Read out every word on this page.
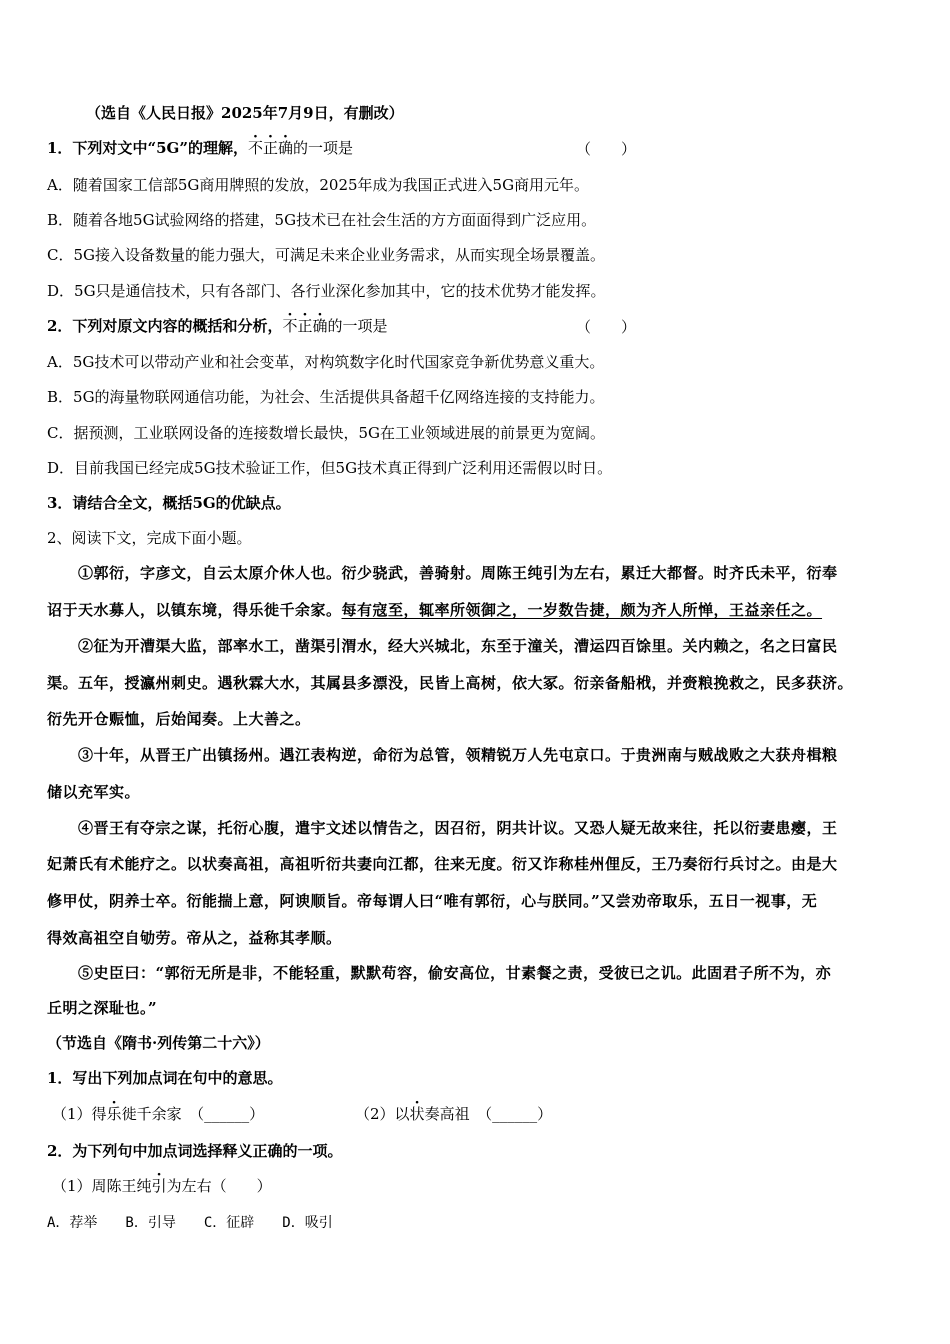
（选自《人民日报》2025年7月9日，有删改）
1．下列对文中“5G”的理解，不正确的一项是	（　　）
A．随着国家工信部5G商用牌照的发放，2025年成为我国正式进入5G商用元年。
B．随着各地5G试验网络的搭建，5G技术已在社会生活的方方面面得到广泛应用。
C．5G接入设备数量的能力强大，可满足未来企业业务需求，从而实现全场景覆盖。
D．5G只是通信技术，只有各部门、各行业深化参加其中，它的技术优势才能发挥。
2．下列对原文内容的概括和分析，不正确的一项是	（　　）
A．5G技术可以带动产业和社会变革，对构筑数字化时代国家竞争新优势意义重大。
B．5G的海量物联网通信功能，为社会、生活提供具备超千亿网络连接的支持能力。
C．据预测，工业联网设备的连接数增长最快，5G在工业领域进展的前景更为宽阔。
D．目前我国已经完成5G技术验证工作，但5G技术真正得到广泛利用还需假以时日。
3．请结合全文，概括5G的优缺点。
2、阅读下文，完成下面小题。
①郭衍，字彦文，自云太原介休人也。衍少骁武，善骑射。周陈王纯引为左右，累迁大都督。时齐氏未平，衍奉
诏于天水募人，以镇东境，得乐徙千余家。每有寇至，辄率所领御之，一岁数告捷，颇为齐人所惮，王益亲任之。
②征为开漕渠大监，部率水工，凿渠引渭水，经大兴城北，东至于潼关，漕运四百馀里。关内赖之，名之曰富民
渠。五年，授瀛州刺史。遇秋霖大水，其属县多漂没，民皆上高树，依大冢。衍亲备船栰，并赍粮挽救之，民多获济。
衍先开仓赈恤，后始闻奏。上大善之。
③十年，从晋王广出镇扬州。遇江表构逆，命衍为总管，领精锐万人先屯京口。于贵洲南与贼战败之大获舟楫粮
储以充军实。
④晋王有夺宗之谋，托衍心腹，遣宇文述以情告之，因召衍，阴共计议。又恐人疑无故来往，托以衍妻患瘿，王
妃萧氏有术能疗之。以状奏高祖，高祖听衍共妻向江都，往来无度。衍又诈称桂州俚反，王乃奏衍行兵讨之。由是大
修甲仗，阴养士卒。衍能揣上意，阿谀顺旨。帝每谓人曰“唯有郭衍，心与朕同。”又尝劝帝取乐，五日一视事，无
得效高祖空自劬劳。帝从之，益称其孝顺。
⑤史臣曰：“郭衍无所是非，不能轻重，默默苟容，偷安高位，甘素餐之责，受彼已之讥。此固君子所不为，亦
丘明之深耻也。”
（节选自《隋书·列传第二十六》）
1．写出下列加点词在句中的意思。
（1）得乐徙千余家　（______）	（2）以状奏高祖　（______）
2．为下列句中加点词选择释义正确的一项。
（1）周陈王纯引为左右（　　）
A．荐举　　B．引导　　C．征辟　　D．吸引
